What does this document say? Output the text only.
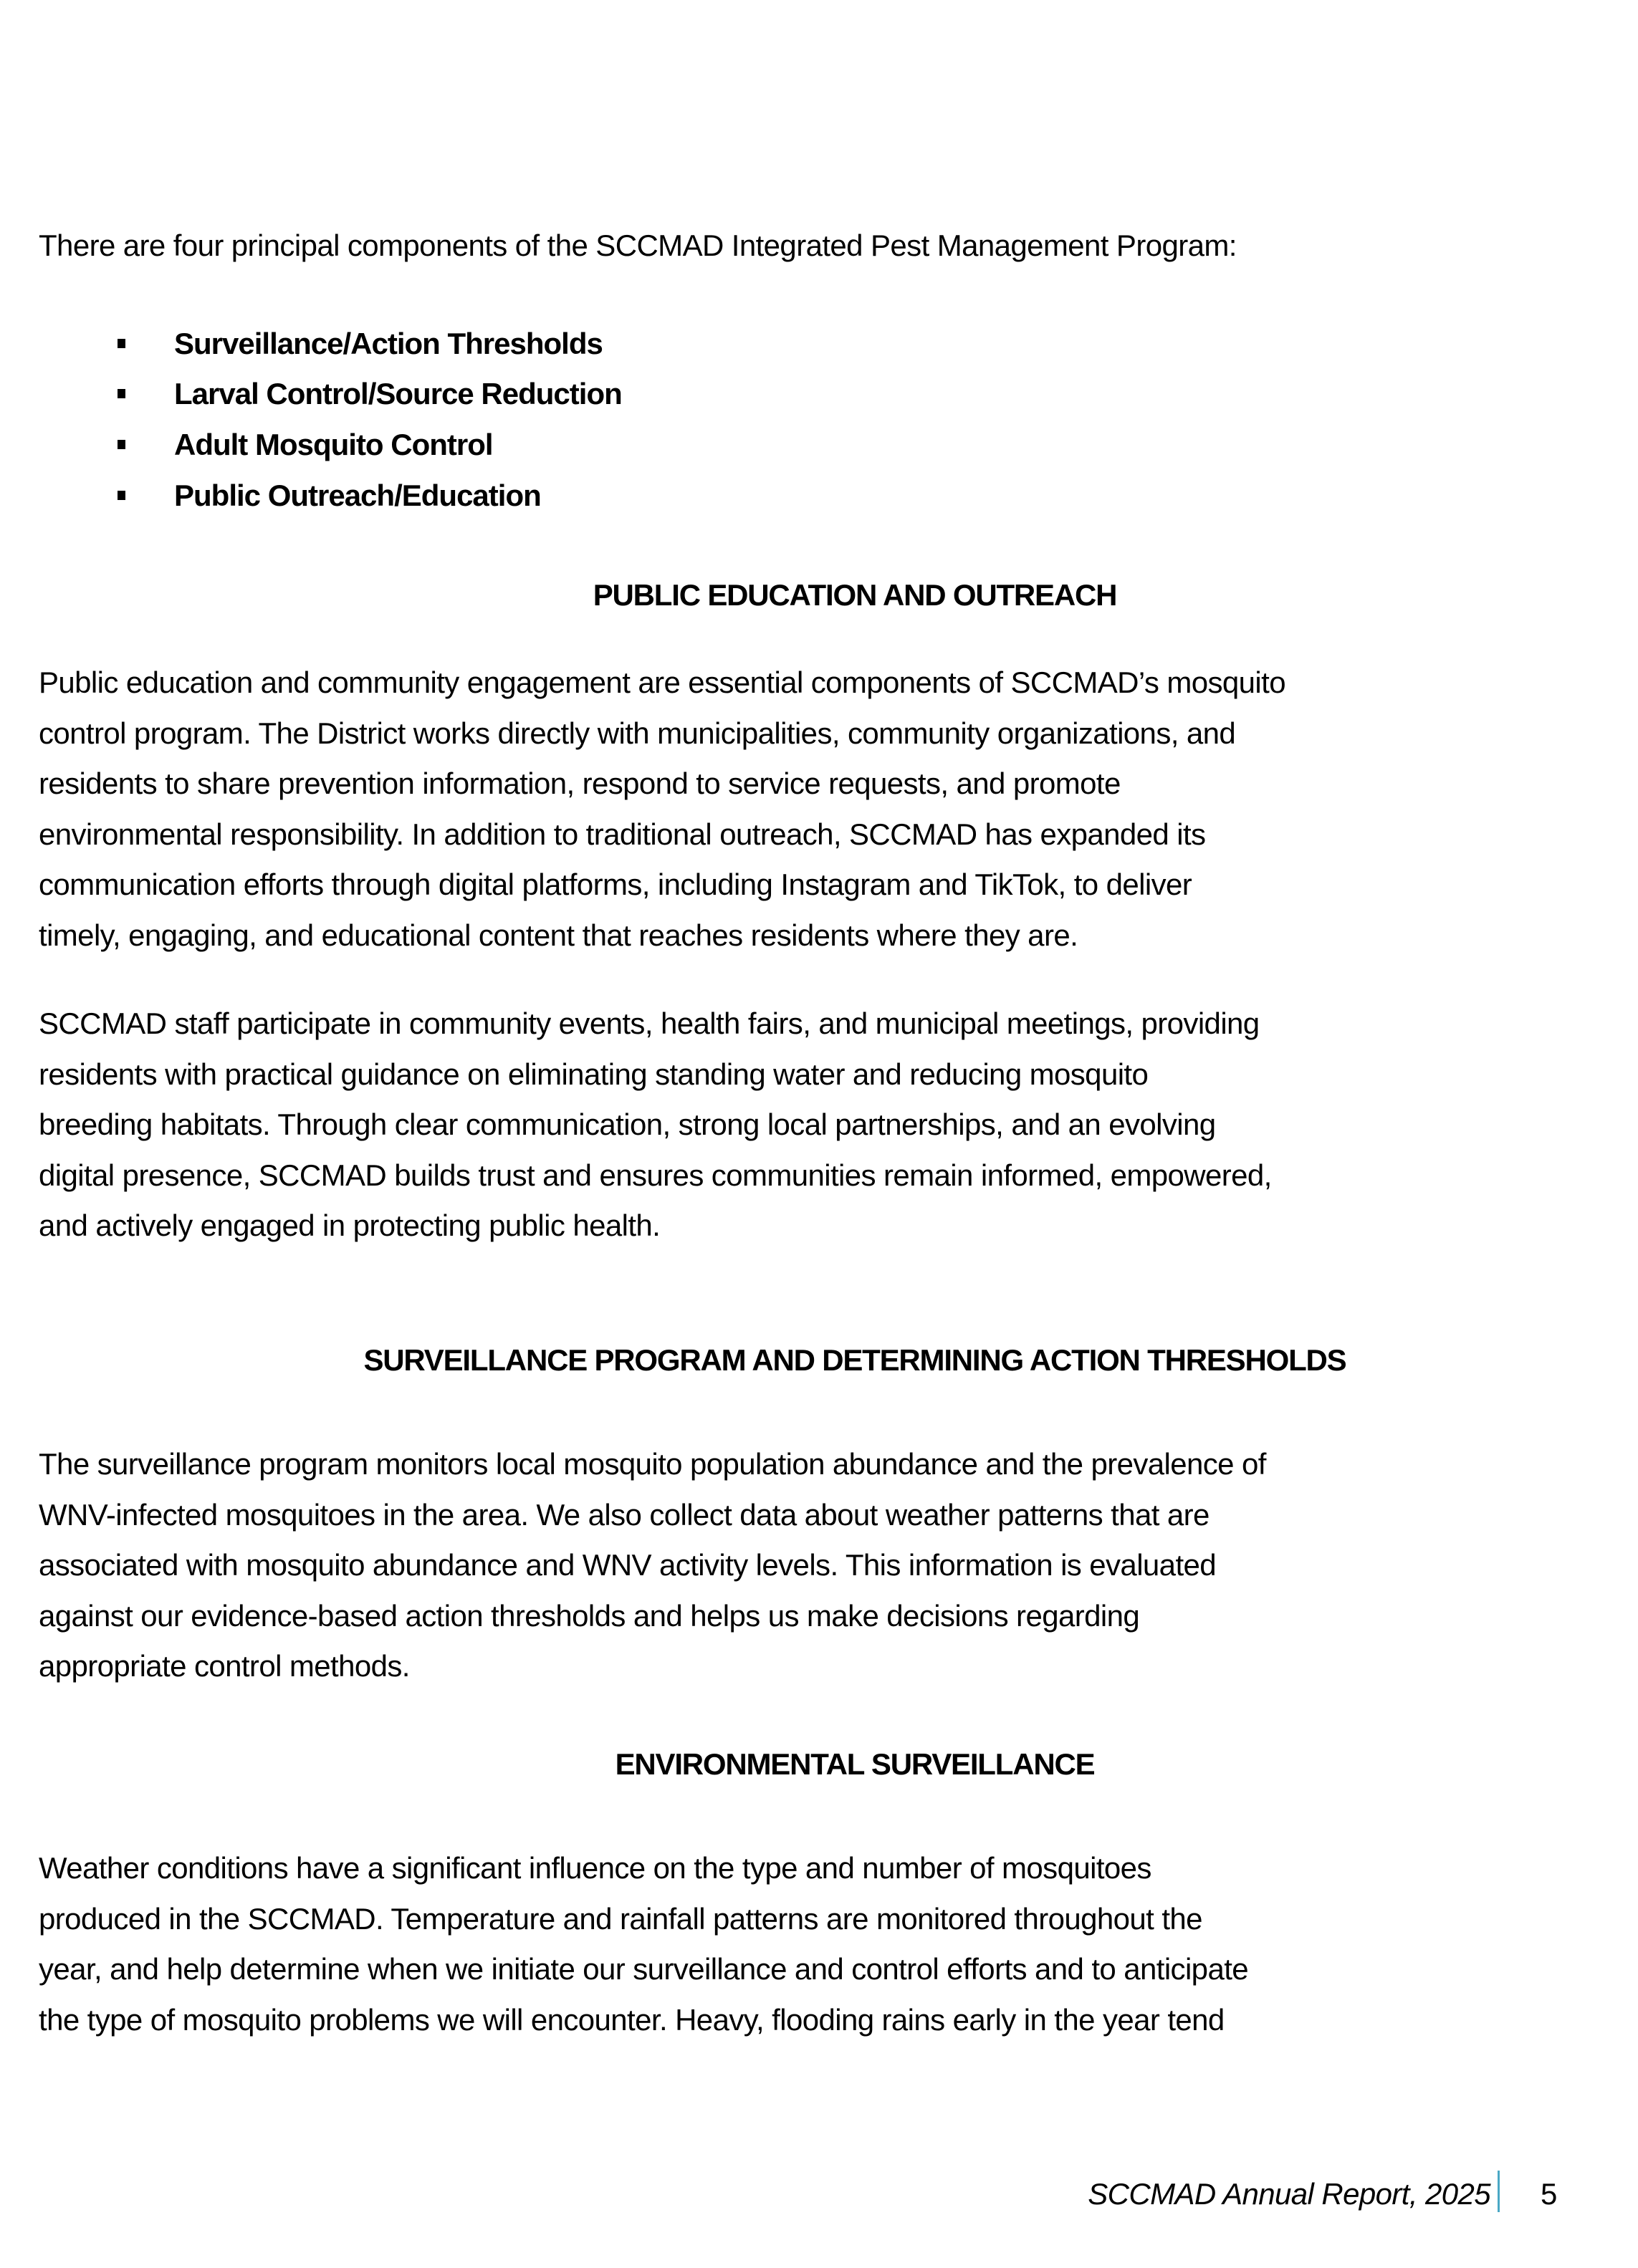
There are four principal components of the SCCMAD Integrated Pest Management Program:
Surveillance/Action Thresholds
Larval Control/Source Reduction
Adult Mosquito Control
Public Outreach/Education
PUBLIC EDUCATION AND OUTREACH
Public education and community engagement are essential components of SCCMAD’s mosquito
control program. The District works directly with municipalities, community organizations, and
residents to share prevention information, respond to service requests, and promote
environmental responsibility. In addition to traditional outreach, SCCMAD has expanded its
communication efforts through digital platforms, including Instagram and TikTok, to deliver
timely, engaging, and educational content that reaches residents where they are.
SCCMAD staff participate in community events, health fairs, and municipal meetings, providing
residents with practical guidance on eliminating standing water and reducing mosquito
breeding habitats. Through clear communication, strong local partnerships, and an evolving
digital presence, SCCMAD builds trust and ensures communities remain informed, empowered,
and actively engaged in protecting public health.
SURVEILLANCE PROGRAM AND DETERMINING ACTION THRESHOLDS
The surveillance program monitors local mosquito population abundance and the prevalence of
WNV-infected mosquitoes in the area. We also collect data about weather patterns that are
associated with mosquito abundance and WNV activity levels. This information is evaluated
against our evidence-based action thresholds and helps us make decisions regarding
appropriate control methods.
ENVIRONMENTAL SURVEILLANCE
Weather conditions have a significant influence on the type and number of mosquitoes
produced in the SCCMAD. Temperature and rainfall patterns are monitored throughout the
year, and help determine when we initiate our surveillance and control efforts and to anticipate
the type of mosquito problems we will encounter. Heavy, flooding rains early in the year tend
SCCMAD Annual Report, 2025 5
